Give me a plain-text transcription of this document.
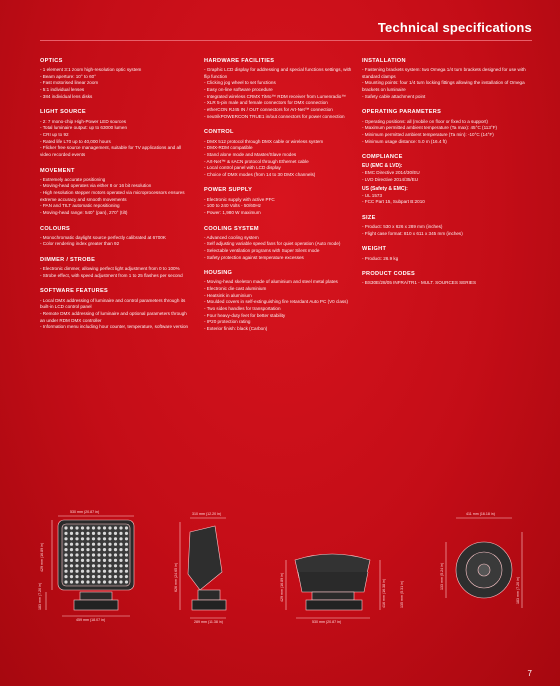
Technical specifications
OPTICS
- 1 element 3:1 zoom high-resolution optic system
- Beam aperture: 10° to 60°
- Fast motorised linear zoom
- 5:1 individual lenses
- 384 individual lens disks
LIGHT SOURCE
- 2: 7 mono-chip High-Power LED sources
- Total luminaire output: up to 63000 lumen
- CRI up to 92
- Rated life L70 up to 40,000 hours
- Flicker free source management, suitable for TV applications and all video recorded events
MOVEMENT
- Extremely accurate positioning
- Moving-head operates via either 8 or 16 bit resolution
- High resolution stepper motors operated via microprocessors ensures extreme accuracy and smooth movements
- PAN and TILT automatic repositioning
- Moving-head range: 540° (pan), 270° (tilt)
COLOURS
- Monochromatic daylight source perfectly calibrated at 6700K
- Color rendering index greater than 92
DIMMER / STROBE
- Electronic dimmer, allowing perfect light adjustment from 0 to 100%
- Strobe effect, with speed adjustment from 1 to 25 flashes per second
SOFTWARE FEATURES
- Local DMX addressing of luminaire and control parameters through its built-in LCD control panel
- Remote DMX addressing of luminaire and optional parameters through an under RDM DMX controller
- Information menu including hour counter, temperature, software version
HARDWARE FACILITIES
- Graphic LCD display for addressing and special functions settings, with flip function
- Clicking jog wheel to set functions
- Easy on-line software procedure
- Integrated wireless CRMX TiMo™ RDM receiver from Lumenradio™
- XLR 5-pin male and female connectors for DMX connection
- etherCON RJ45 IN / OUT connectors for Art-Net™ connection
- neutrikPOWERCON TRUE1 in/out connectors for power connection
CONTROL
- DMX 512 protocol through DMX cable or wireless system
- DMX-RDM compatible
- Stand alone mode and Master/Slave modes
- Art-Net™ & sACN protocol through Ethernet cable
- Local control panel with LCD display
- Choice of DMX modes (from 14 to 30 DMX channels)
POWER SUPPLY
- Electronic supply with active PFC
- 100 to 240 Volts - 50/60Hz
- Power: 1,980 W maximum
COOLING SYSTEM
- Advanced cooling system
- Self adjusting variable speed fans for quiet operation (Auto mode)
- Selectable ventilation programs with Super Silent mode
- Safety protection against temperature excesses
HOUSING
- Moving-head skeleton made of aluminium and steel metal plates
- Electronic die cast aluminium
- Heatsink in aluminium
- Moulded covers in self-extinguishing fire retardant Auto PC (V0 class)
- Two sides handles for transportation
- Four heavy-duty feet for better stability
- IP20 protection rating
- Exterior finish: black (Carbon)
INSTALLATION
- Fastening brackets system: two Omega 1/4 turn brackets designed for use with standard clamps
- Mounting points: four 1/4 turn locking fittings allowing the installation of Omega brackets on luminaire
- Safety cable attachment point
OPERATING PARAMETERS
- Operating positions: all (mobile on floor or fixed to a support)
- Maximum permitted ambient temperature (Ta max): 45°C (113°F)
- Minimum permitted ambient temperature (Ta min): -10°C (14°F)
- Minimum usage distance: 5.0 m (16.4 ft)
COMPLIANCE
EU (EMC & LVD):
- EMC Directive 2014/30/EU
- LVD Directive 2014/35/EU
US (Safety & EMC):
- UL 1573
- FCC Part 15, Subpart B:2010
SIZE
- Product: 530 x 626 x 289 mm (inches)
- Flight case format: 810 x 611 x 345 mm (inches)
WEIGHT
- Product: 26.9 kg
PRODUCT CODES
- BS30E/28/05 INFRA/TR1 - MULT. SOURCES SERIES
530 mm (20.87 in)
429 mm (16.89 in)
459 mm (18.07 in)
183 mm (7.20 in)
310 mm (12.20 in)
626 mm (24.65 in)
289 mm (11.38 in)
429 mm (16.89 in)	416 mm (16.38 in)
530 mm (20.87 in)
135 mm (5.31 in)
411 mm (16.18 in)
133 mm (5.24 in)
183 mm (7.20 in)
7
